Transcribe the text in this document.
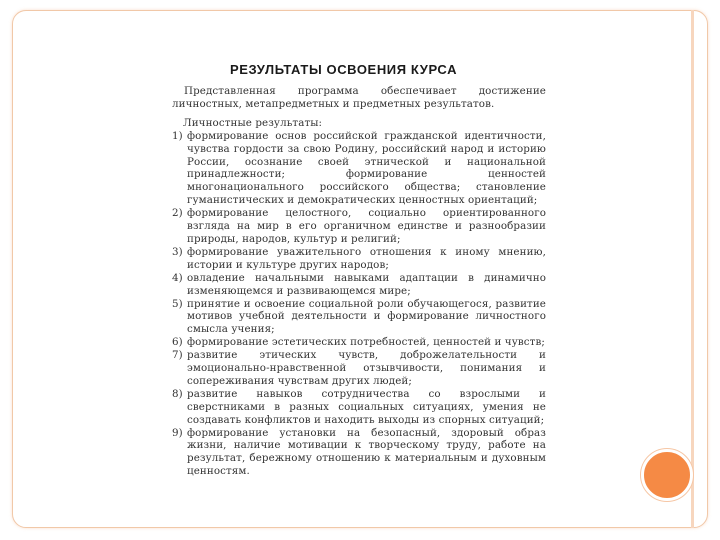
РЕЗУЛЬТАТЫ ОСВОЕНИЯ КУРСА

Представленная программа обеспечивает достижение личностных, метапредметных и предметных результатов.

Личностные результаты:
1) формирование основ российской гражданской идентичности, чувства гордости за свою Родину, российский народ и историю России, осознание своей этнической и национальной принадлежности; формирование ценностей многонационального российского общества; становление гуманистических и демократических ценностных ориентаций;
2) формирование целостного, социально ориентированного взгляда на мир в его органичном единстве и разнообразии природы, народов, культур и религий;
3) формирование уважительного отношения к иному мнению, истории и культуре других народов;
4) овладение начальными навыками адаптации в динамично изменяющемся и развивающемся мире;
5) принятие и освоение социальной роли обучающегося, развитие мотивов учебной деятельности и формирование личностного смысла учения;
6) формирование эстетических потребностей, ценностей и чувств;
7) развитие этических чувств, доброжелательности и эмоционально-нравственной отзывчивости, понимания и сопереживания чувствам других людей;
8) развитие навыков сотрудничества со взрослыми и сверстниками в разных социальных ситуациях, умения не создавать конфликтов и находить выходы из спорных ситуаций;
9) формирование установки на безопасный, здоровый образ жизни, наличие мотивации к творческому труду, работе на результат, бережному отношению к материальным и духовным ценностям.
